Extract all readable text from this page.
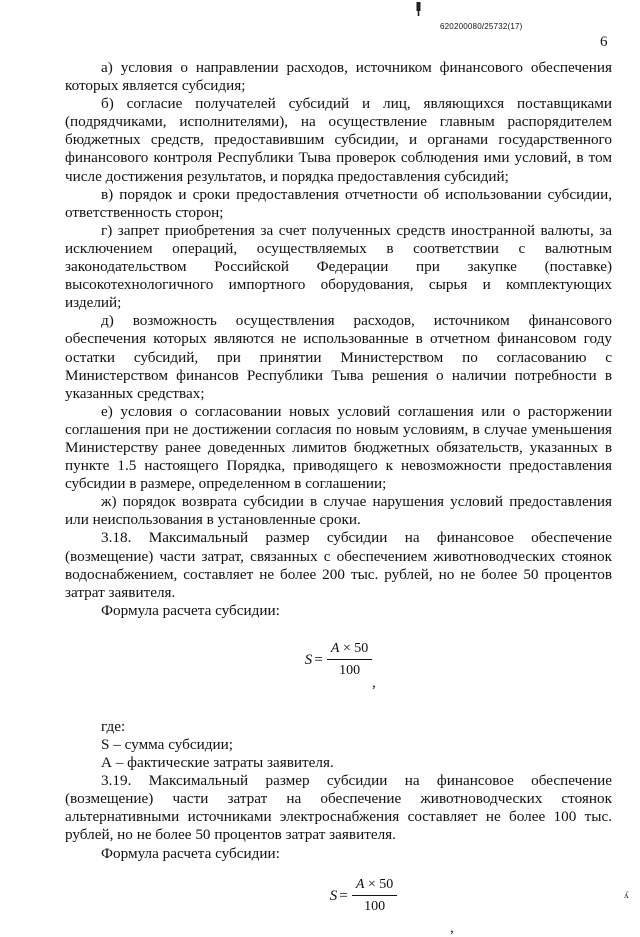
620200080/25732(17)
6

а) условия о направлении расходов, источником финансового обеспечения которых является субсидия;

б) согласие получателей субсидий и лиц, являющихся поставщиками (подрядчиками, исполнителями), на осуществление главным распорядителем бюджетных средств, предоставившим субсидии, и органами государственного финансового контроля Республики Тыва проверок соблюдения ими условий, в том числе достижения результатов, и порядка предоставления субсидий;

в) порядок и сроки предоставления отчетности об использовании субсидии, ответственность сторон;

г) запрет приобретения за счет полученных средств иностранной валюты, за исключением операций, осуществляемых в соответствии с валютным законодательством Российской Федерации при закупке (поставке) высокотехнологичного импортного оборудования, сырья и комплектующих изделий;

д) возможность осуществления расходов, источником финансового обеспечения которых являются не использованные в отчетном финансовом году остатки субсидий, при принятии Министерством по согласованию с Министерством финансов Республики Тыва решения о наличии потребности в указанных средствах;

е) условия о согласовании новых условий соглашения или о расторжении соглашения при не достижении согласия по новым условиям, в случае уменьшения Министерству ранее доведенных лимитов бюджетных обязательств, указанных в пункте 1.5 настоящего Порядка, приводящего к невозможности предоставления субсидии в размере, определенном в соглашении;

ж) порядок возврата субсидии в случае нарушения условий предоставления или неиспользования в установленные сроки.

3.18. Максимальный размер субсидии на финансовое обеспечение (возмещение) части затрат, связанных с обеспечением животноводческих стоянок водоснабжением, составляет не более 200 тыс. рублей, но не более 50 процентов затрат заявителя.

Формула расчета субсидии:

$S = \frac{A \times 50}{100}$
,

где:

S – сумма субсидии;

А – фактические затраты заявителя.

3.19. Максимальный размер субсидии на финансовое обеспечение (возмещение) части затрат на обеспечение животноводческих стоянок альтернативными источниками электроснабжения составляет не более 100 тыс. рублей, но не более 50 процентов затрат заявителя.

Формула расчета субсидии:

$S = \frac{A \times 50}{100}$
,
ʎ
